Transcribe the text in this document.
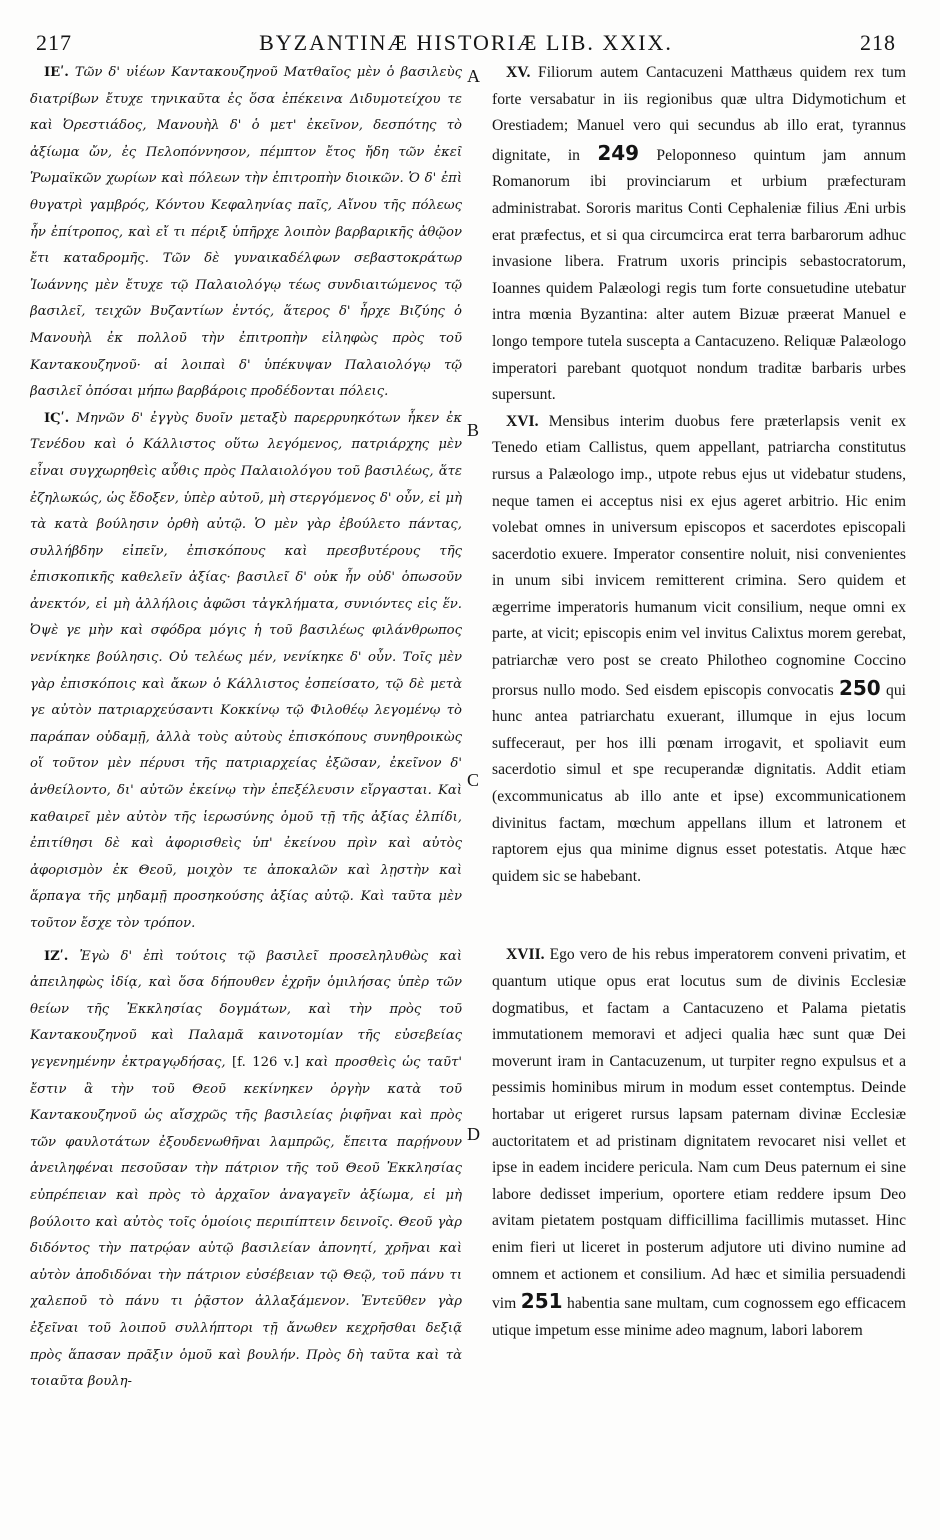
217	BYZANTINÆ HISTORIÆ LIB. XXIX.	218
A
B
C
D

ΙΕʹ. Τῶν δ' υἱέων Καντακουζηνοῦ Ματθαῖος μὲν ὁ βασιλεὺς διατρίβων ἔτυχε τηνικαῦτα ἐς ὅσα ἐπέκεινα Διδυμοτείχου τε καὶ Ὀρεστιάδος, Μανουὴλ δ' ὁ μετ' ἐκεῖνον, δεσπότης τὸ ἀξίωμα ὤν, ἐς Πελοπόννησον, πέμπτον ἔτος ἤδη τῶν ἐκεῖ Ῥωμαϊκῶν χωρίων καὶ πόλεων τὴν ἐπιτροπὴν διοικῶν. Ὁ δ' ἐπὶ θυγατρὶ γαμβρός, Κόντου Κεφαληνίας παῖς, Αἴνου τῆς πόλεως ἦν ἐπίτροπος, καὶ εἴ τι πέριξ ὑπῆρχε λοιπὸν βαρβαρικῆς ἀθῷον ἔτι καταδρομῆς. Τῶν δὲ γυναικαδέλφων σεβαστοκράτωρ Ἰωάννης μὲν ἔτυχε τῷ Παλαιολόγῳ τέως συνδιαιτώμενος τῷ βασιλεῖ, τειχῶν Βυζαντίων ἐντός, ἅτερος δ' ἦρχε Βιζύης ὁ Μανουὴλ ἐκ πολλοῦ τὴν ἐπιτροπὴν εἰληφὼς πρὸς τοῦ Καντακουζηνοῦ· αἱ λοιπαὶ δ' ὑπέκυψαν Παλαιολόγῳ τῷ βασιλεῖ ὁπόσαι μήπω βαρβάροις προδέδονται πόλεις.

ΙϚʹ. Μηνῶν δ' ἐγγὺς δυοῖν μεταξὺ παρερρυηκότων ἧκεν ἐκ Τενέδου καὶ ὁ Κάλλιστος οὕτω λεγόμενος, πατριάρχης μὲν εἶναι συγχωρηθεὶς αὖθις πρὸς Παλαιολόγου τοῦ βασιλέως, ἅτε ἐζηλωκώς, ὡς ἔδοξεν, ὑπὲρ αὐτοῦ, μὴ στεργόμενος δ' οὖν, εἰ μὴ τὰ κατὰ βούλησιν ὀρθὴ αὐτῷ. Ὁ μὲν γὰρ ἐβούλετο πάντας, συλλήβδην εἰπεῖν, ἐπισκόπους καὶ πρεσβυτέρους τῆς ἐπισκοπικῆς καθελεῖν ἀξίας· βασιλεῖ δ' οὐκ ἦν οὐδ' ὁπωσοῦν ἀνεκτόν, εἰ μὴ ἀλλήλοις ἀφῶσι τἀγκλήματα, συνιόντες εἰς ἕν. Ὀψὲ γε μὴν καὶ σφόδρα μόγις ἡ τοῦ βασιλέως φιλάνθρωπος νενίκηκε βούλησις. Οὐ τελέως μέν, νενίκηκε δ' οὖν. Τοῖς μὲν γὰρ ἐπισκόποις καὶ ἄκων ὁ Κάλλιστος ἐσπείσατο, τῷ δὲ μετὰ γε αὐτὸν πατριαρχεύσαντι Κοκκίνῳ τῷ Φιλοθέῳ λεγομένῳ τὸ παράπαν οὐδαμῇ, ἀλλὰ τοὺς αὐτοὺς ἐπισκόπους συνηθροικὼς οἵ τοῦτον μὲν πέρυσι τῆς πατριαρχείας ἐξῶσαν, ἐκεῖνον δ' ἀνθείλοντο, δι' αὐτῶν ἐκείνῳ τὴν ἐπεξέλευσιν εἴργασται. Καὶ καθαιρεῖ μὲν αὐτὸν τῆς ἱερωσύνης ὁμοῦ τῇ τῆς ἀξίας ἐλπίδι, ἐπιτίθησι δὲ καὶ ἀφορισθεὶς ὑπ' ἐκείνου πρὶν καὶ αὐτὸς ἀφορισμὸν ἐκ Θεοῦ, μοιχὸν τε ἀποκαλῶν καὶ λῃστὴν καὶ ἅρπαγα τῆς μηδαμῇ προσηκούσης ἀξίας αὐτῷ. Καὶ ταῦτα μὲν τοῦτον ἔσχε τὸν τρόπον.

ΙΖʹ. Ἐγὼ δ' ἐπὶ τούτοις τῷ βασιλεῖ προσεληλυθὼς καὶ ἀπειληφὼς ἰδίᾳ, καὶ ὅσα δήπουθεν ἐχρῆν ὁμιλήσας ὑπὲρ τῶν θείων τῆς Ἐκκλησίας δογμάτων, καὶ τὴν πρὸς τοῦ Καντακουζηνοῦ καὶ Παλαμᾶ καινοτομίαν τῆς εὐσεβείας γεγενημένην ἐκτραγῳδήσας, [f. 126 v.] καὶ προσθεὶς ὡς ταῦτ' ἔστιν ἃ τὴν τοῦ Θεοῦ κεκίνηκεν ὀργὴν κατὰ τοῦ Καντακουζηνοῦ ὡς αἴσχρῶς τῆς βασιλείας ῥιφῆναι καὶ πρὸς τῶν φαυλοτάτων ἐξουδενωθῆναι λαμπρῶς, ἔπειτα παρῄνουν ἀνειληφέναι πεσοῦσαν τὴν πάτριον τῆς τοῦ Θεοῦ Ἐκκλησίας εὐπρέπειαν καὶ πρὸς τὸ ἀρχαῖον ἀναγαγεῖν ἀξίωμα, εἰ μὴ βούλοιτο καὶ αὐτὸς τοῖς ὁμοίοις περιπίπτειν δεινοῖς. Θεοῦ γὰρ διδόντος τὴν πατρῴαν αὐτῷ βασιλείαν ἀπονητί, χρῆναι καὶ αὐτὸν ἀποδιδόναι τὴν πάτριον εὐσέβειαν τῷ Θεῷ, τοῦ πάνυ τι χαλεποῦ τὸ πάνυ τι ῥᾷστον ἀλλαξάμενον. Ἐντεῦθεν γὰρ ἐξεῖναι τοῦ λοιποῦ συλλήπτορι τῇ ἄνωθεν κεχρῆσθαι δεξιᾷ πρὸς ἅπασαν πρᾶξιν ὁμοῦ καὶ βουλήν. Πρὸς δὴ ταῦτα καὶ τὰ τοιαῦτα βουλη-

XV. Filiorum autem Cantacuzeni Matthæus quidem rex tum forte versabatur in iis regionibus quæ ultra Didymotichum et Orestiadem; Manuel vero qui secundus ab illo erat, tyrannus dignitate, in 249 Peloponneso quintum jam annum Romanorum ibi provinciarum et urbium præfecturam administrabat. Sororis maritus Conti Cephaleniæ filius Æni urbis erat præfectus, et si qua circumcirca erat terra barbarorum adhuc invasione libera. Fratrum uxoris principis sebastocratorum, Ioannes quidem Palæologi regis tum forte consuetudine utebatur intra mœnia Byzantina: alter autem Bizuæ præerat Manuel e longo tempore tutela suscepta a Cantacuzeno. Reliquæ Palæologo imperatori parebant quotquot nondum traditæ barbaris urbes supersunt.

XVI. Mensibus interim duobus fere præterlapsis venit ex Tenedo etiam Callistus, quem appellant, patriarcha constitutus rursus a Palæologo imp., utpote rebus ejus ut videbatur studens, neque tamen ei acceptus nisi ex ejus ageret arbitrio. Hic enim volebat omnes in universum episcopos et sacerdotes episcopali sacerdotio exuere. Imperator consentire noluit, nisi convenientes in unum sibi invicem remitterent crimina. Sero quidem et ægerrime imperatoris humanum vicit consilium, neque omni ex parte, at vicit; episcopis enim vel invitus Calixtus morem gerebat, patriarchæ vero post se creato Philotheo cognomine Coccino prorsus nullo modo. Sed eisdem episcopis convocatis 250 qui hunc antea patriarchatu exuerant, illumque in ejus locum suffeceraut, per hos illi pœnam irrogavit, et spoliavit eum sacerdotio simul et spe recuperandæ dignitatis. Addit etiam (excommunicatus ab illo ante et ipse) excommunicationem divinitus factam, mœchum appellans illum et latronem et raptorem ejus qua minime dignus esset potestatis. Atque hæc quidem sic se habebant.

XVII. Ego vero de his rebus imperatorem conveni privatim, et quantum utique opus erat locutus sum de divinis Ecclesiæ dogmatibus, et factam a Cantacuzeno et Palama pietatis immutationem memoravi et adjeci qualia hæc sunt quæ Dei moverunt iram in Cantacuzenum, ut turpiter regno expulsus et a pessimis hominibus mirum in modum esset contemptus. Deinde hortabar ut erigeret rursus lapsam paternam divinæ Ecclesiæ auctoritatem et ad pristinam dignitatem revocaret nisi vellet et ipse in eadem incidere pericula. Nam cum Deus paternum ei sine labore dedisset imperium, oportere etiam reddere ipsum Deo avitam pietatem postquam difficillima facillimis mutasset. Hinc enim fieri ut liceret in posterum adjutore uti divino numine ad omnem et actionem et consilium. Ad hæc et similia persuadendi vim 251 habentia sane multam, cum cognossem ego efficacem utique impetum esse minime adeo magnum, labori laborem
